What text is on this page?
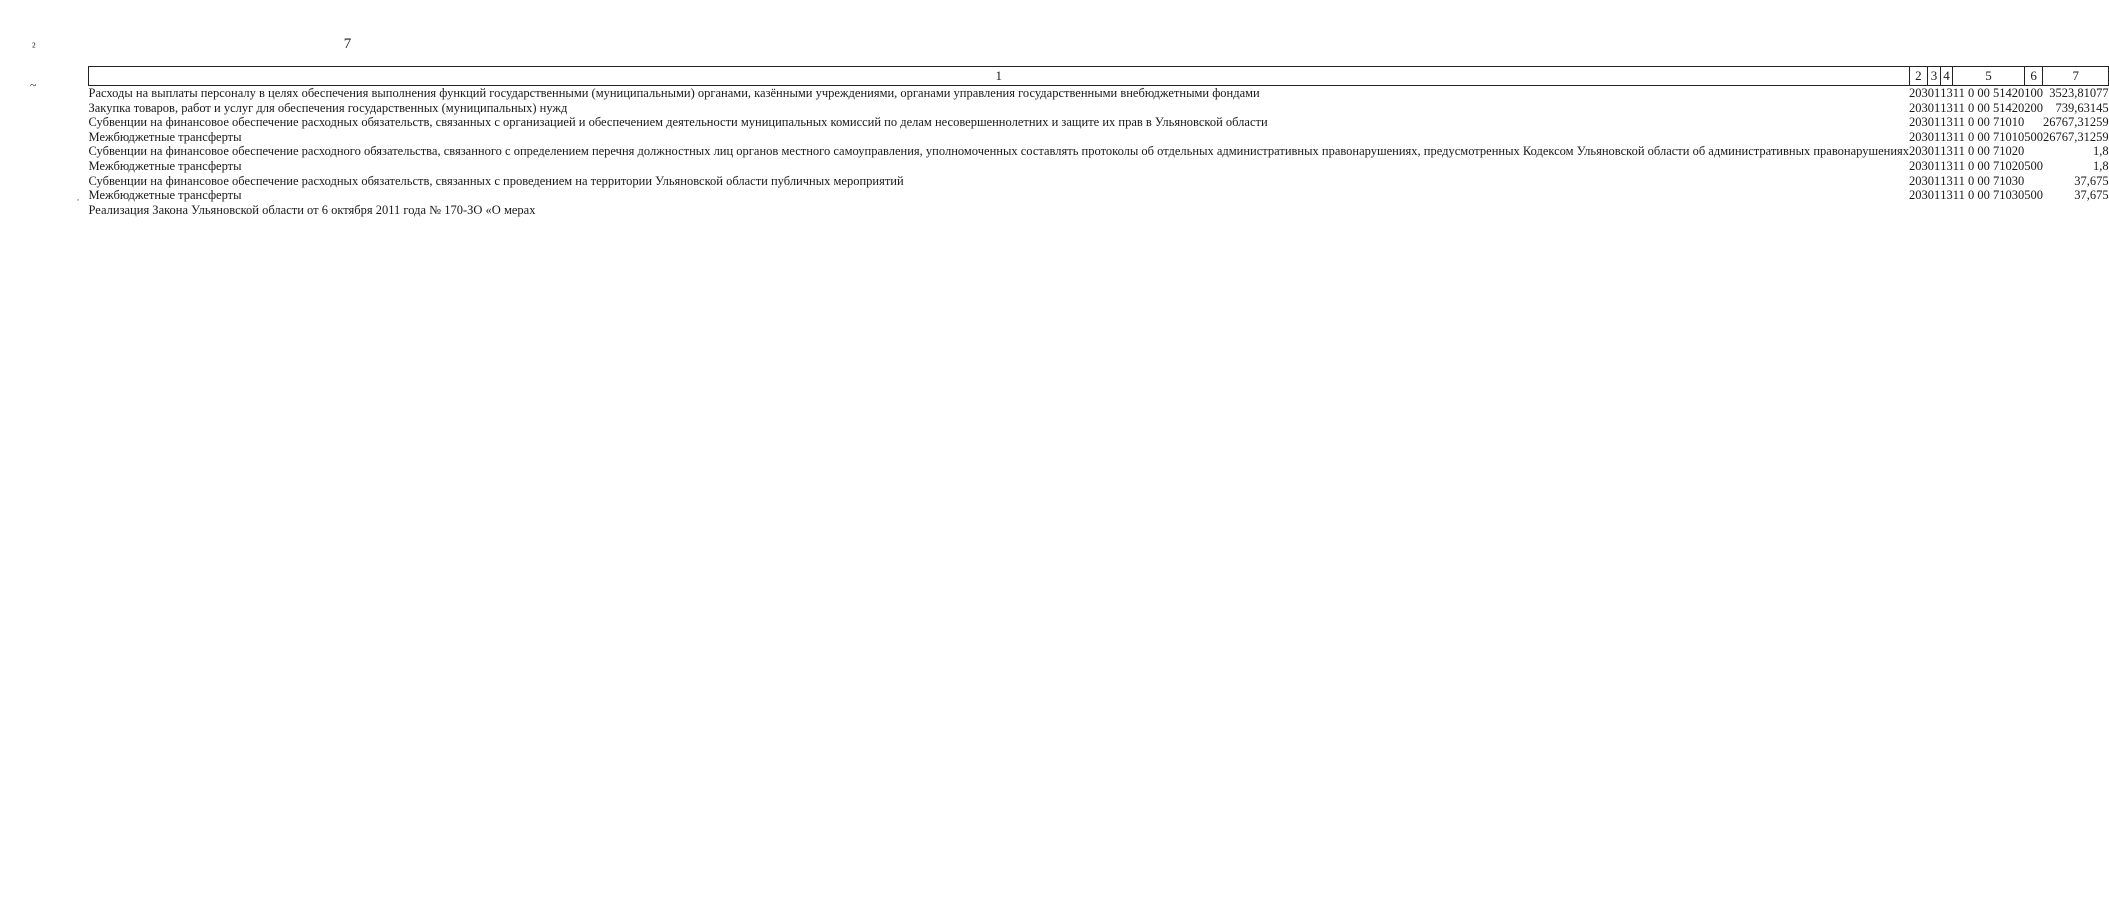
7
²
~
˙
1	2	3	4	5	6	7
Расходы на выплаты персоналу в целях обеспечения выполнения функций государственными (муниципальными) органами, казёнными учреждениями, органами управления государственными внебюджетными фондами	203	01	13	11 0 00 51420	100	3523,81077
Закупка товаров, работ и услуг для обеспечения государственных (муниципальных) нужд	203	01	13	11 0 00 51420	200	739,63145
Субвенции на финансовое обеспечение расходных обязательств, связанных с организацией и обеспечением деятельности муниципальных комиссий по делам несовершеннолетних и защите их прав в Ульяновской области	203	01	13	11 0 00 71010		26767,31259
Межбюджетные трансферты	203	01	13	11 0 00 71010	500	26767,31259
Субвенции на финансовое обеспечение расходного обязательства, связанного с определением перечня должностных лиц органов местного самоуправления, уполномоченных составлять протоколы об отдельных административных правонарушениях, предусмотренных Кодексом Ульяновской области об административных правонарушениях	203	01	13	11 0 00 71020		1,8
Межбюджетные трансферты	203	01	13	11 0 00 71020	500	1,8
Субвенции на финансовое обеспечение расходных обязательств, связанных с проведением на территории Ульяновской области публичных мероприятий	203	01	13	11 0 00 71030		37,675
Межбюджетные трансферты	203	01	13	11 0 00 71030	500	37,675
Реализация Закона Ульяновской области от 6 октября 2011 года № 170-ЗО «О мерах						
